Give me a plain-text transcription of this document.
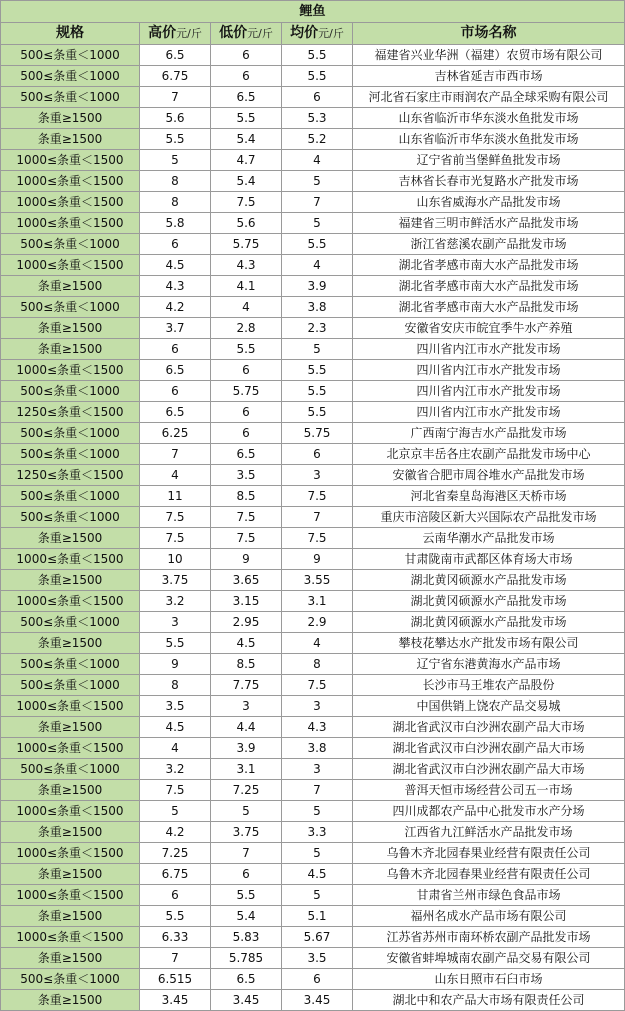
鲤鱼				
规格	高价元/斤	低价元/斤	均价元/斤	市场名称
500≤条重＜1000	6.5	6	5.5	福建省兴业华洲（福建）农贸市场有限公司
500≤条重＜1000	6.75	6	5.5	吉林省延吉市西市场
500≤条重＜1000	7	6.5	6	河北省石家庄市雨润农产品全球采购有限公司
条重≥1500	5.6	5.5	5.3	山东省临沂市华东淡水鱼批发市场
条重≥1500	5.5	5.4	5.2	山东省临沂市华东淡水鱼批发市场
1000≤条重＜1500	5	4.7	4	辽宁省前当堡鲜鱼批发市场
1000≤条重＜1500	8	5.4	5	吉林省长春市光复路水产批发市场
1000≤条重＜1500	8	7.5	7	山东省威海水产品批发市场
1000≤条重＜1500	5.8	5.6	5	福建省三明市鲜活水产品批发市场
500≤条重＜1000	6	5.75	5.5	浙江省慈溪农副产品批发市场
1000≤条重＜1500	4.5	4.3	4	湖北省孝感市南大水产品批发市场
条重≥1500	4.3	4.1	3.9	湖北省孝感市南大水产品批发市场
500≤条重＜1000	4.2	4	3.8	湖北省孝感市南大水产品批发市场
条重≥1500	3.7	2.8	2.3	安徽省安庆市皖宜季牛水产养殖
条重≥1500	6	5.5	5	四川省内江市水产批发市场
1000≤条重＜1500	6.5	6	5.5	四川省内江市水产批发市场
500≤条重＜1000	6	5.75	5.5	四川省内江市水产批发市场
1250≤条重＜1500	6.5	6	5.5	四川省内江市水产批发市场
500≤条重＜1000	6.25	6	5.75	广西南宁海吉水产品批发市场
500≤条重＜1000	7	6.5	6	北京京丰岳各庄农副产品批发市场中心
1250≤条重＜1500	4	3.5	3	安徽省合肥市周谷堆水产品批发市场
500≤条重＜1000	11	8.5	7.5	河北省秦皇岛海港区天桥市场
500≤条重＜1000	7.5	7.5	7	重庆市涪陵区新大兴国际农产品批发市场
条重≥1500	7.5	7.5	7.5	云南华潮水产品批发市场
1000≤条重＜1500	10	9	9	甘肃陇南市武都区体育场大市场
条重≥1500	3.75	3.65	3.55	湖北黄冈硕源水产品批发市场
1000≤条重＜1500	3.2	3.15	3.1	湖北黄冈硕源水产品批发市场
500≤条重＜1000	3	2.95	2.9	湖北黄冈硕源水产品批发市场
条重≥1500	5.5	4.5	4	攀枝花攀达水产批发市场有限公司
500≤条重＜1000	9	8.5	8	辽宁省东港黄海水产品市场
500≤条重＜1000	8	7.75	7.5	长沙市马王堆农产品股份
1000≤条重＜1500	3.5	3	3	中国供销上饶农产品交易城
条重≥1500	4.5	4.4	4.3	湖北省武汉市白沙洲农副产品大市场
1000≤条重＜1500	4	3.9	3.8	湖北省武汉市白沙洲农副产品大市场
500≤条重＜1000	3.2	3.1	3	湖北省武汉市白沙洲农副产品大市场
条重≥1500	7.5	7.25	7	普洱天恒市场经营公司五一市场
1000≤条重＜1500	5	5	5	四川成都农产品中心批发市水产分场
条重≥1500	4.2	3.75	3.3	江西省九江鲜活水产品批发市场
1000≤条重＜1500	7.25	7	5	乌鲁木齐北园春果业经营有限责任公司
条重≥1500	6.75	6	4.5	乌鲁木齐北园春果业经营有限责任公司
1000≤条重＜1500	6	5.5	5	甘肃省兰州市绿色食品市场
条重≥1500	5.5	5.4	5.1	福州名成水产品市场有限公司
1000≤条重＜1500	6.33	5.83	5.67	江苏省苏州市南环桥农副产品批发市场
条重≥1500	7	5.785	3.5	安徽省蚌埠城南农副产品交易有限公司
500≤条重＜1000	6.515	6.5	6	山东日照市石臼市场
条重≥1500	3.45	3.45	3.45	湖北中和农产品大市场有限责任公司
